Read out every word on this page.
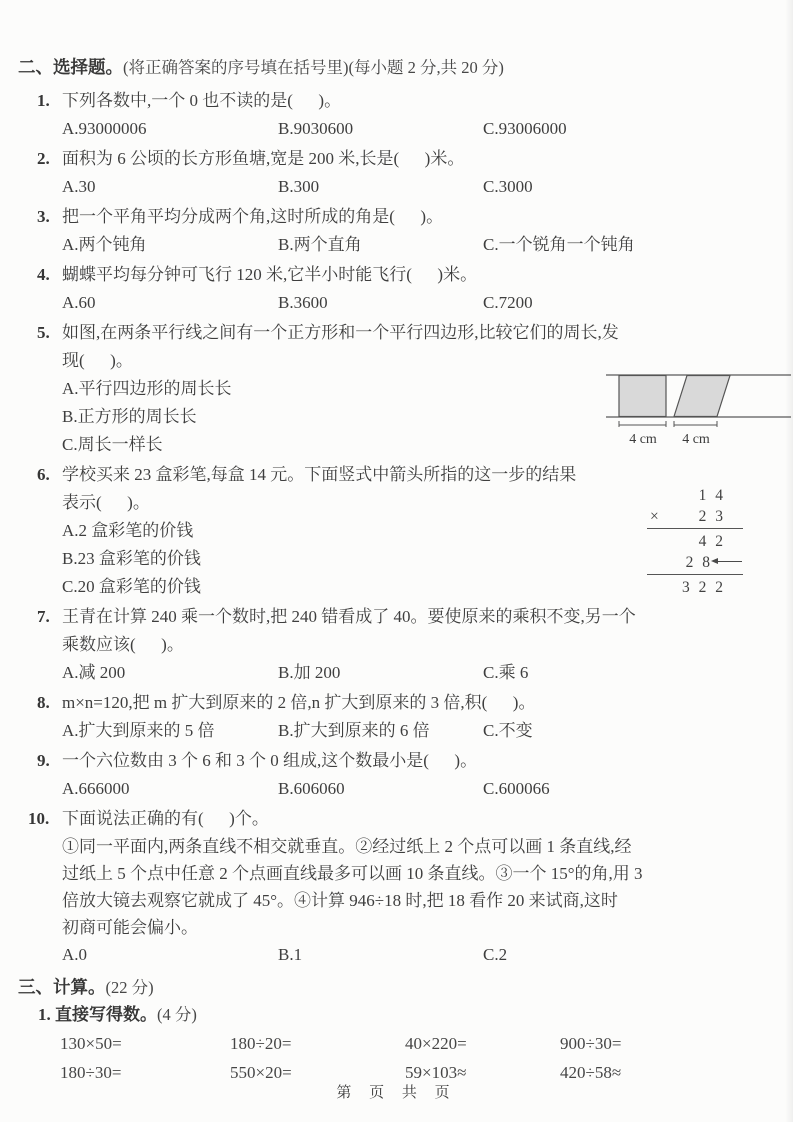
二、选择题。(将正确答案的序号填在括号里)(每小题 2 分,共 20 分)
1. 下列各数中,一个 0 也不读的是(      )。
A.93000006	B.9030600	C.93006000
2. 面积为 6 公顷的长方形鱼塘,宽是 200 米,长是(      )米。
A.30	B.300	C.3000
3. 把一个平角平均分成两个角,这时所成的角是(      )。
A.两个钝角	B.两个直角	C.一个锐角一个钝角
4. 蝴蝶平均每分钟可飞行 120 米,它半小时能飞行(      )米。
A.60	B.3600	C.7200
5. 如图,在两条平行线之间有一个正方形和一个平行四边形,比较它们的周长,发
现(      )。
A.平行四边形的周长长
B.正方形的周长长
C.周长一样长	4 cm 4 cm
6. 学校买来 23 盒彩笔,每盒 14 元。下面竖式中箭头所指的这一步的结果
表示(      )。
A.2 盒彩笔的价钱
B.23 盒彩笔的价钱
C.20 盒彩笔的价钱
1 4
×	2 3
4 2
2 8
3 2 2
7. 王青在计算 240 乘一个数时,把 240 错看成了 40。要使原来的乘积不变,另一个
乘数应该(      )。
A.减 200	B.加 200	C.乘 6
8. m×n=120,把 m 扩大到原来的 2 倍,n 扩大到原来的 3 倍,积(      )。
A.扩大到原来的 5 倍	B.扩大到原来的 6 倍	C.不变
9. 一个六位数由 3 个 6 和 3 个 0 组成,这个数最小是(      )。
A.666000	B.606060	C.600066
10. 下面说法正确的有(      )个。
①同一平面内,两条直线不相交就垂直。②经过纸上 2 个点可以画 1 条直线,经
过纸上 5 个点中任意 2 个点画直线最多可以画 10 条直线。③一个 15°的角,用 3
倍放大镜去观察它就成了 45°。④计算 946÷18 时,把 18 看作 20 来试商,这时
初商可能会偏小。
A.0	B.1	C.2
三、计算。(22 分)
1. 直接写得数。(4 分)
130×50=	180÷20=	40×220=	900÷30=
180÷30=	550×20=	59×103≈	420÷58≈
第 页 共 页
